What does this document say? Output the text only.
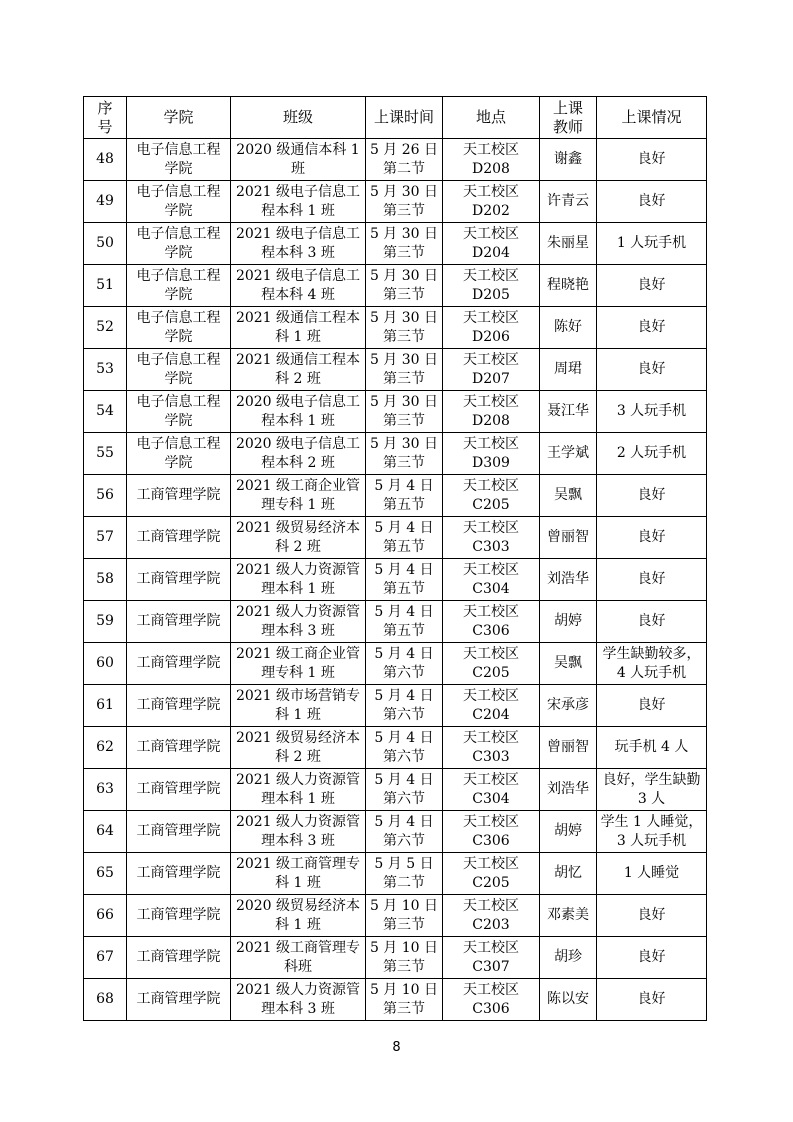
序
号	学院	班级	上课时间	地点	上课
教师	上课情况
48	电子信息工程
学院	2020 级通信本科 1
班	5 月 26 日
第二节	天工校区
D208	谢鑫	良好
49	电子信息工程
学院	2021 级电子信息工
程本科 1 班	5 月 30 日
第三节	天工校区
D202	许青云	良好
50	电子信息工程
学院	2021 级电子信息工
程本科 3 班	5 月 30 日
第三节	天工校区
D204	朱丽星	1 人玩手机
51	电子信息工程
学院	2021 级电子信息工
程本科 4 班	5 月 30 日
第三节	天工校区
D205	程晓艳	良好
52	电子信息工程
学院	2021 级通信工程本
科 1 班	5 月 30 日
第三节	天工校区
D206	陈好	良好
53	电子信息工程
学院	2021 级通信工程本
科 2 班	5 月 30 日
第三节	天工校区
D207	周珺	良好
54	电子信息工程
学院	2020 级电子信息工
程本科 1 班	5 月 30 日
第三节	天工校区
D208	聂江华	3 人玩手机
55	电子信息工程
学院	2020 级电子信息工
程本科 2 班	5 月 30 日
第三节	天工校区
D309	王学斌	2 人玩手机
56	工商管理学院	2021 级工商企业管
理专科 1 班	5 月 4 日
第五节	天工校区
C205	吴飘	良好
57	工商管理学院	2021 级贸易经济本
科 2 班	5 月 4 日
第五节	天工校区
C303	曾丽智	良好
58	工商管理学院	2021 级人力资源管
理本科 1 班	5 月 4 日
第五节	天工校区
C304	刘浩华	良好
59	工商管理学院	2021 级人力资源管
理本科 3 班	5 月 4 日
第五节	天工校区
C306	胡婷	良好
60	工商管理学院	2021 级工商企业管
理专科 1 班	5 月 4 日
第六节	天工校区
C205	吴飘	学生缺勤较多，
4 人玩手机
61	工商管理学院	2021 级市场营销专
科 1 班	5 月 4 日
第六节	天工校区
C204	宋承彦	良好
62	工商管理学院	2021 级贸易经济本
科 2 班	5 月 4 日
第六节	天工校区
C303	曾丽智	玩手机 4 人
63	工商管理学院	2021 级人力资源管
理本科 1 班	5 月 4 日
第六节	天工校区
C304	刘浩华	良好，学生缺勤
3 人
64	工商管理学院	2021 级人力资源管
理本科 3 班	5 月 4 日
第六节	天工校区
C306	胡婷	学生 1 人睡觉，
3 人玩手机
65	工商管理学院	2021 级工商管理专
科 1 班	5 月 5 日
第二节	天工校区
C205	胡忆	1 人睡觉
66	工商管理学院	2020 级贸易经济本
科 1 班	5 月 10 日
第三节	天工校区
C203	邓素美	良好
67	工商管理学院	2021 级工商管理专
科班	5 月 10 日
第三节	天工校区
C307	胡珍	良好
68	工商管理学院	2021 级人力资源管
理本科 3 班	5 月 10 日
第三节	天工校区
C306	陈以安	良好
8
